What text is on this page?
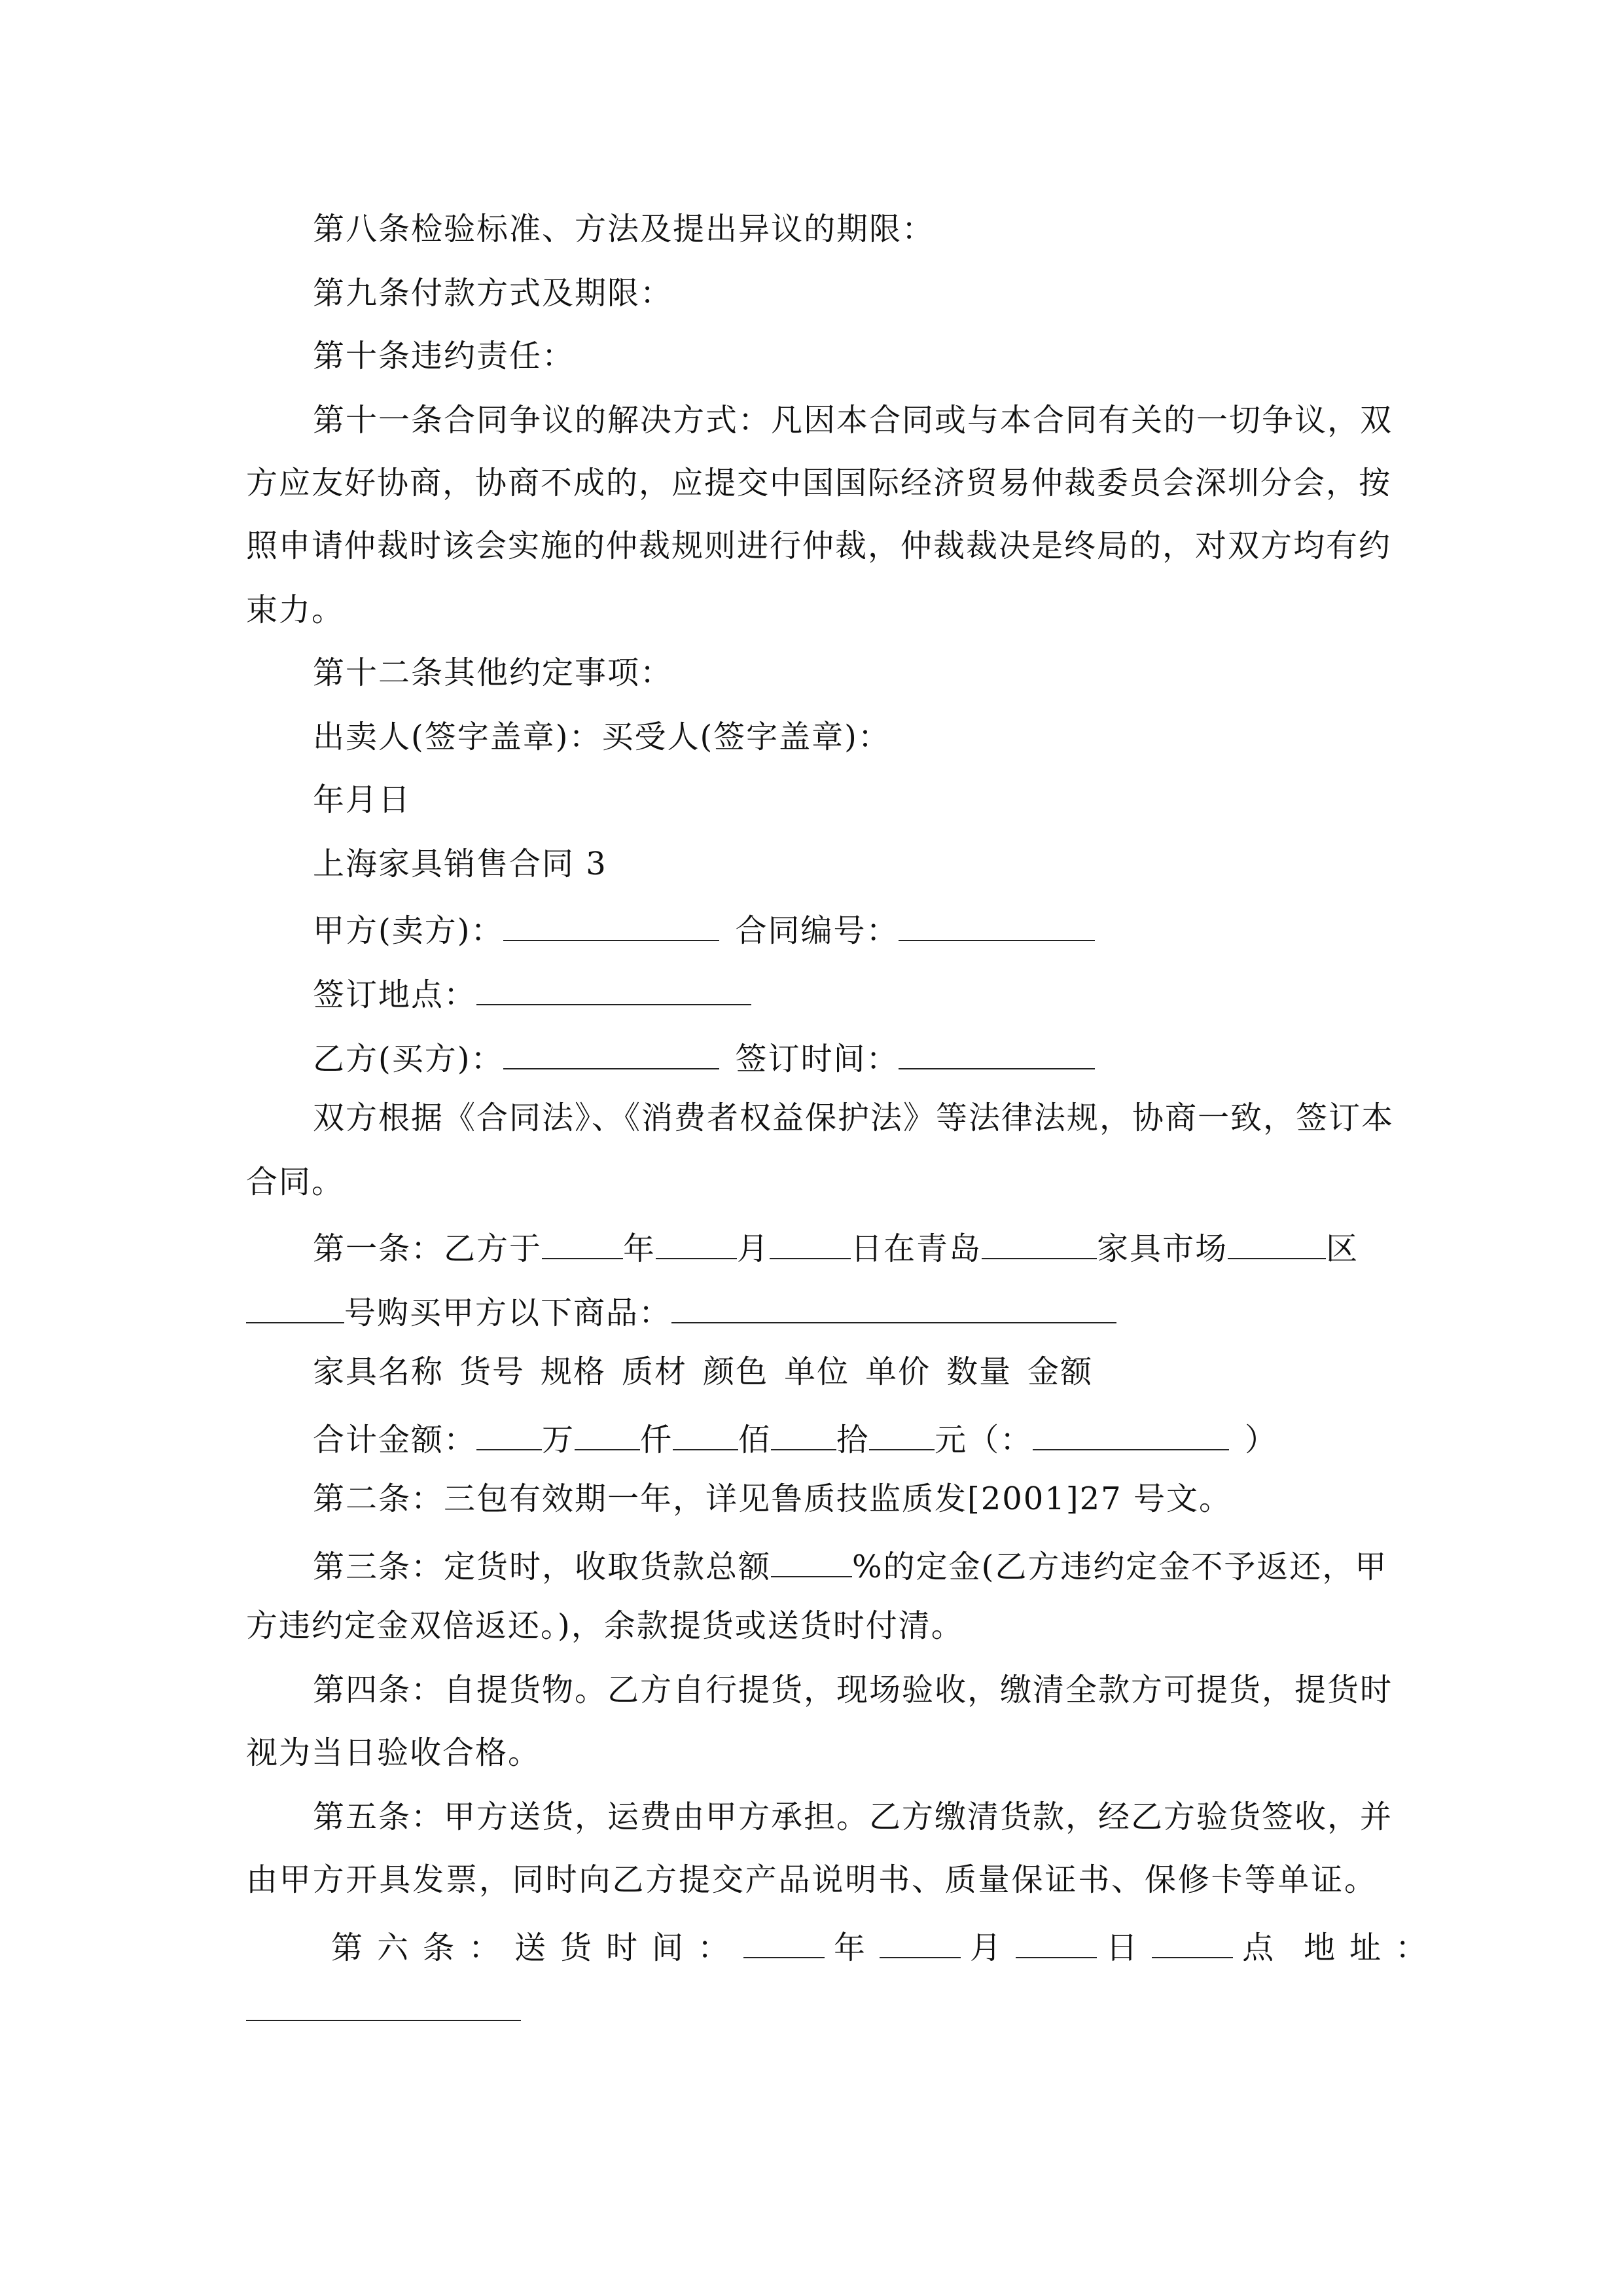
第八条检验标准、方法及提出异议的期限：
第九条付款方式及期限：
第十条违约责任：
第十一条合同争议的解决方式：凡因本合同或与本合同有关的一切争议，双
方应友好协商，协商不成的，应提交中国国际经济贸易仲裁委员会深圳分会，按
照申请仲裁时该会实施的仲裁规则进行仲裁，仲裁裁决是终局的，对双方均有约
束力。
第十二条其他约定事项：
出卖人(签字盖章)：买受人(签字盖章)：
年月日
上海家具销售合同 3
甲方(卖方)：	合同编号：
签订地点：
乙方(买方)：	签订时间：
双方根据《合同法》、《消费者权益保护法》等法律法规，协商一致，签订本
合同。
第一条：乙方于	年	月	日在青岛	家具市场	区
号购买甲方以下商品：
家具名称 货号 规格 质材 颜色 单位 单价 数量 金额
合计金额： 万 仟 佰 拾 元（：	）
第二条：三包有效期一年，详见鲁质技监质发[2001]27 号文。
第三条：定货时，收取货款总额	%的定金(乙方违约定金不予返还，甲
方违约定金双倍返还。)，余款提货或送货时付清。
第四条：自提货物。乙方自行提货，现场验收，缴清全款方可提货，提货时
视为当日验收合格。
第五条：甲方送货，运费由甲方承担。乙方缴清货款，经乙方验货签收，并
由甲方开具发票，同时向乙方提交产品说明书、质量保证书、保修卡等单证。
第六条：送货时间：	年	月	日	点 地址：
